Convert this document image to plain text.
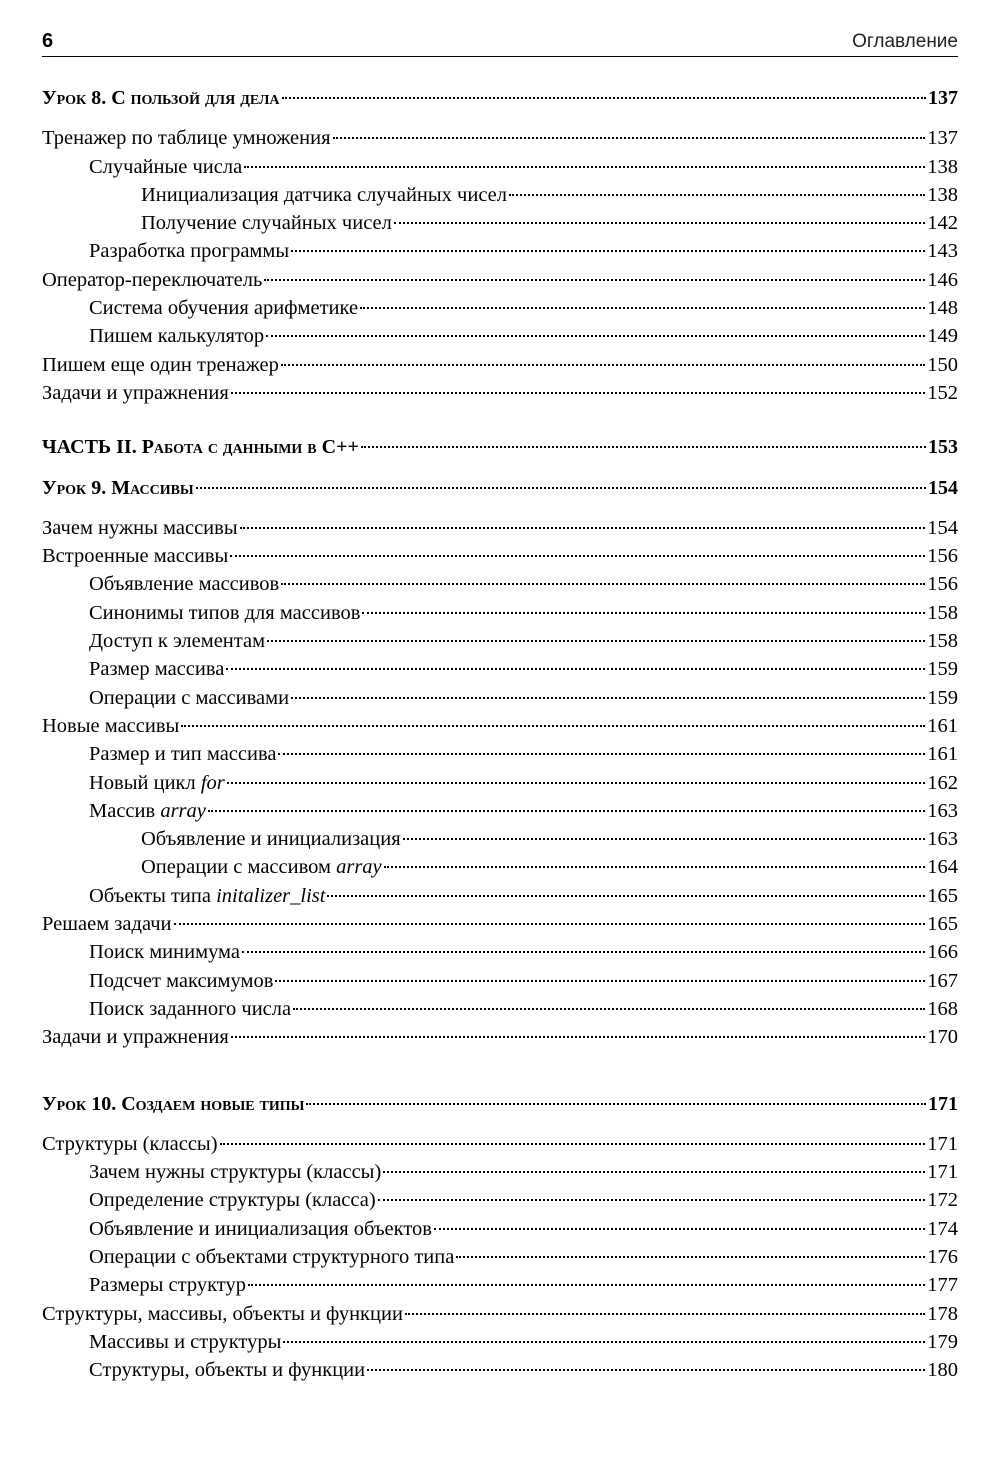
6	Оглавление
Урок 8. С пользой для дела	137
Тренажер по таблице умножения	137
Случайные числа	138
Инициализация датчика случайных чисел	138
Получение случайных чисел	142
Разработка программы	143
Оператор-переключатель	146
Система обучения арифметике	148
Пишем калькулятор	149
Пишем еще один тренажер	150
Задачи и упражнения	152
ЧАСТЬ II. Работа с данными в C++	153
Урок 9. Массивы	154
Зачем нужны массивы	154
Встроенные массивы	156
Объявление массивов	156
Синонимы типов для массивов	158
Доступ к элементам	158
Размер массива	159
Операции с массивами	159
Новые массивы	161
Размер и тип массива	161
Новый цикл for	162
Массив array	163
Объявление и инициализация	163
Операции с массивом array	164
Объекты типа initalizer_list	165
Решаем задачи	165
Поиск минимума	166
Подсчет максимумов	167
Поиск заданного числа	168
Задачи и упражнения	170
Урок 10. Создаем новые типы	171
Структуры (классы)	171
Зачем нужны структуры (классы)	171
Определение структуры (класса)	172
Объявление и инициализация объектов	174
Операции с объектами структурного типа	176
Размеры структур	177
Структуры, массивы, объекты и функции	178
Массивы и структуры	179
Структуры, объекты и функции	180
